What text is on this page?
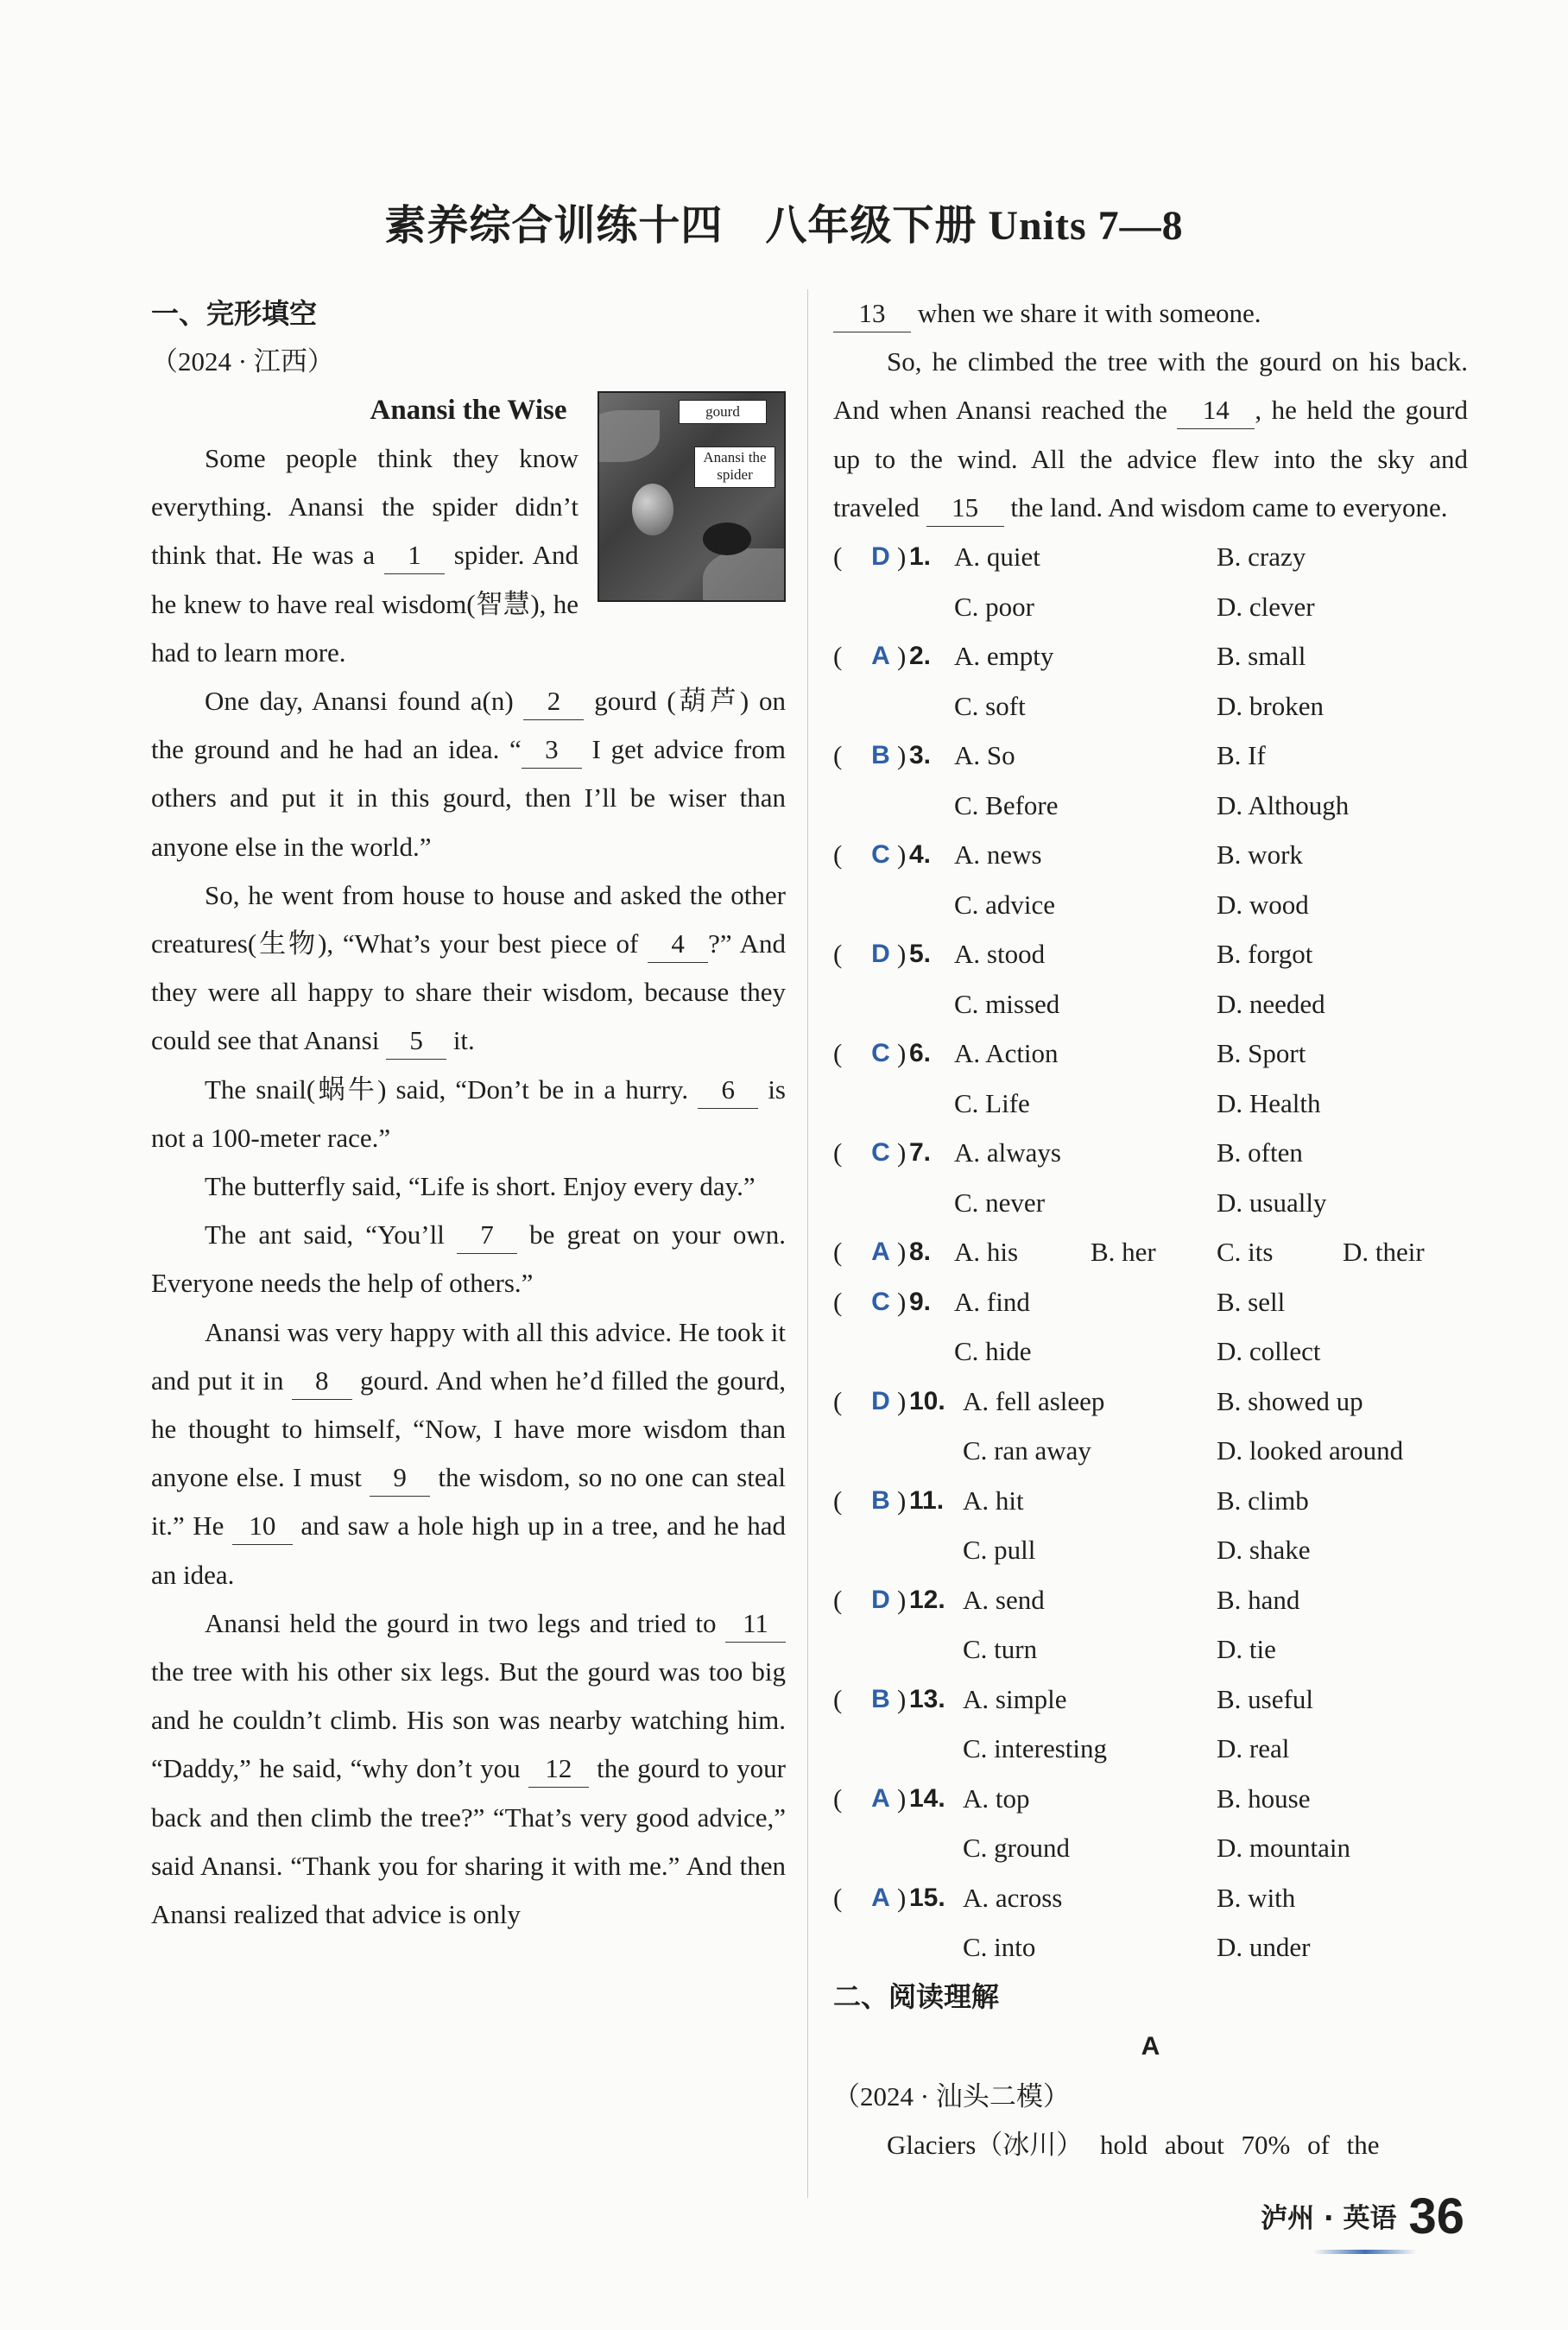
素养综合训练十四　八年级下册 Units 7—8

一、完形填空

（2024 · 江西）

Anansi the Wise	gourd
Anansi the spider

Some people think they know everything. Anansi the spider didn’t think that. He was a 1 spider. And he knew to have real wisdom(智慧), he had to learn more.

One day, Anansi found a(n) 2 gourd (葫芦) on the ground and he had an idea. “ 3 I get advice from others and put it in this gourd, then I’ll be wiser than anyone else in the world.”

So, he went from house to house and asked the other creatures(生物), “What’s your best piece of 4 ?” And they were all happy to share their wisdom, because they could see that Anansi 5 it.

The snail(蜗牛) said, “Don’t be in a hurry. 6 is not a 100-meter race.”

The butterfly said, “Life is short. Enjoy every day.”

The ant said, “You’ll 7 be great on your own. Everyone needs the help of others.”

Anansi was very happy with all this advice. He took it and put it in 8 gourd. And when he’d filled the gourd, he thought to himself, “Now, I have more wisdom than anyone else. I must 9 the wisdom, so no one can steal it.” He 10 and saw a hole high up in a tree, and he had an idea.

Anansi held the gourd in two legs and tried to 11 the tree with his other six legs. But the gourd was too big and he couldn’t climb. His son was nearby watching him. “Daddy,” he said, “why don’t you 12 the gourd to your back and then climb the tree?” “That’s very good advice,” said Anansi. “Thank you for sharing it with me.” And then Anansi realized that advice is only

13 when we share it with someone.

So, he climbed the tree with the gourd on his back. And when Anansi reached the 14 , he held the gourd up to the wind. All the advice flew into the sky and traveled 15 the land. And wisdom came to everyone.

( D ) 1. A. quiet	B. crazy
C. poor	D. clever
( A ) 2. A. empty	B. small
C. soft	D. broken
( B ) 3. A. So	B. If
C. Before	D. Although
( C ) 4. A. news	B. work
C. advice	D. wood
( D ) 5. A. stood	B. forgot
C. missed	D. needed
( C ) 6. A. Action	B. Sport
C. Life	D. Health
( C ) 7. A. always	B. often
C. never	D. usually
( A ) 8. A. his	B. her C. its	D. their
( C ) 9. A. find	B. sell
C. hide	D. collect
( D ) 10. A. fell asleep	B. showed up
C. ran away	D. looked around
( B ) 11. A. hit	B. climb
C. pull	D. shake
( D ) 12. A. send	B. hand
C. turn	D. tie
( B ) 13. A. simple	B. useful
C. interesting	D. real
( A ) 14. A. top	B. house
C. ground	D. mountain
( A ) 15. A. across	B. with
C. into	D. under

二、阅读理解

A

（2024 · 汕头二模）

Glaciers（冰川） hold about 70% of the

泸州 · 英语 36
